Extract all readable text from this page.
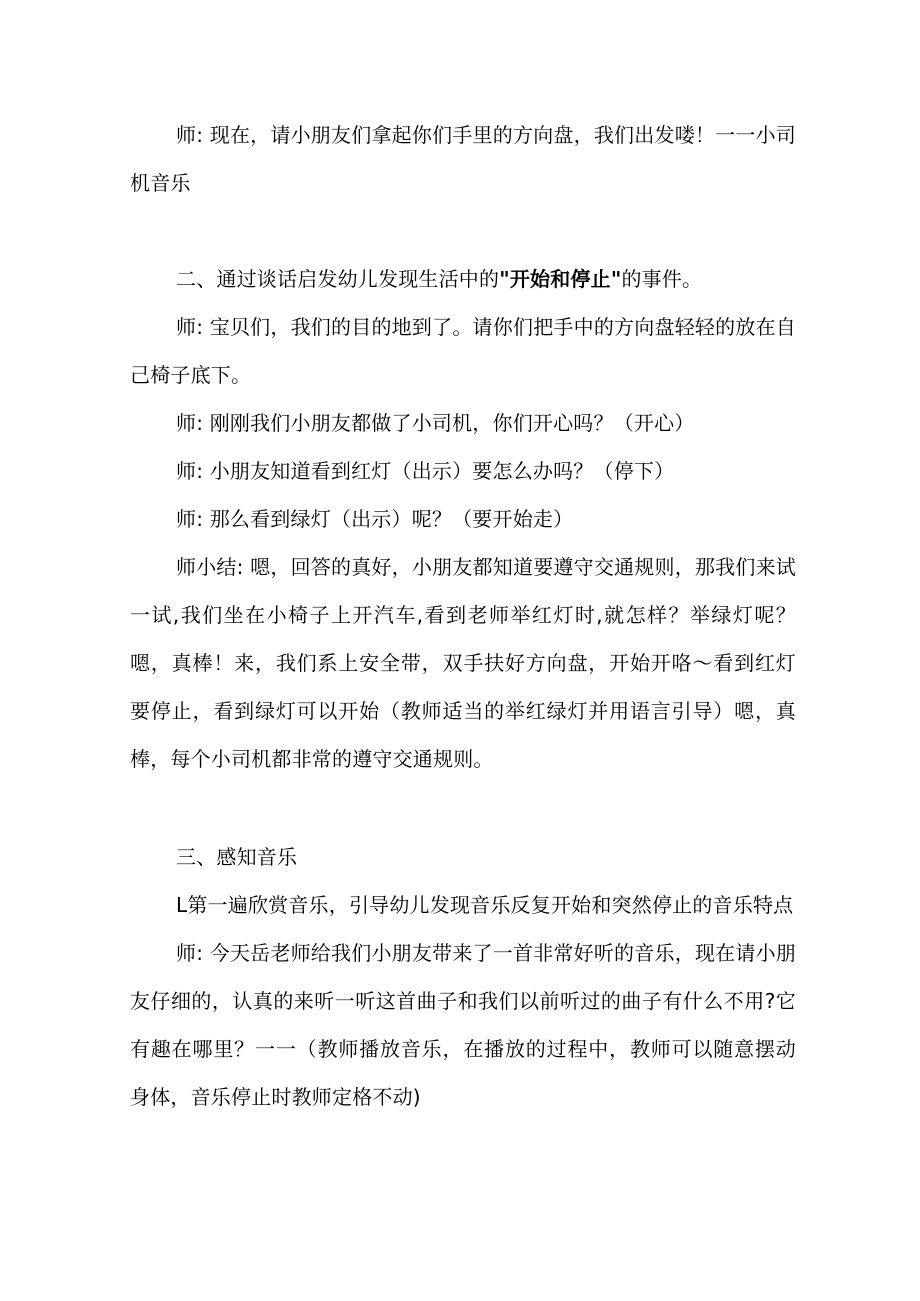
师: 现在，请小朋友们拿起你们手里的方向盘，我们出发喽！一一小司机音乐

二、通过谈话启发幼儿发现生活中的"开始和停止"的事件。

师: 宝贝们，我们的目的地到了。请你们把手中的方向盘轻轻的放在自己椅子底下。

师: 刚刚我们小朋友都做了小司机，你们开心吗？（开心）

师: 小朋友知道看到红灯（出示）要怎么办吗？（停下）

师: 那么看到绿灯（出示）呢？（要开始走）

师小结: 嗯，回答的真好，小朋友都知道要遵守交通规则，那我们来试一试,我们坐在小椅子上开汽车,看到老师举红灯时,就怎样？举绿灯呢？嗯，真棒！来，我们系上安全带，双手扶好方向盘，开始开咯〜看到红灯要停止，看到绿灯可以开始（教师适当的举红绿灯并用语言引导）嗯，真棒，每个小司机都非常的遵守交通规则。

三、感知音乐

L第一遍欣赏音乐，引导幼儿发现音乐反复开始和突然停止的音乐特点

师: 今天岳老师给我们小朋友带来了一首非常好听的音乐，现在请小朋友仔细的，认真的来听一听这首曲子和我们以前听过的曲子有什么不用?它有趣在哪里？一一（教师播放音乐，在播放的过程中，教师可以随意摆动身体，音乐停止时教师定格不动)
